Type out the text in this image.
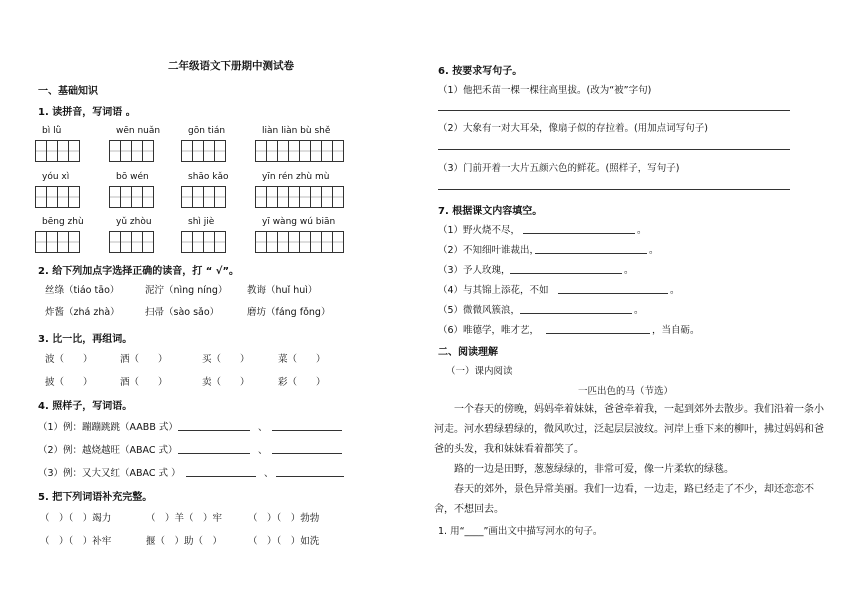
二年级语文下册期中测试卷
一、基础知识
1. 读拼音，写词语 。
bì lǜ	wēn nuǎn	gōn tián	liàn liàn bù shě
yóu xì	bō wén	shāo kǎo	yīn rén zhù mù
bēng zhù	yǔ zhòu	shì jiè	yī wàng wú biān
2. 给下列加点字选择正确的读音，打 “ √”。
丝绦（tiáo tāo）	泥泞（nìng níng） 教诲（huǐ huì）
炸酱（zhá zhà）	扫帚（sào sǎo）	磨坊（fáng fǒng）
3. 比一比，再组词。
波（　　）	洒（　　）	买（　　）	菜（　　）
披（　　）	酒（　　）	卖（　　）	彩（　　）
4. 照样子，写词语。
（1）例：蹦蹦跳跳（AABB 式）
（2）例：越烧越旺（ABAC 式）
（3）例：又大又红（ABAC 式 ）
、
、
、
5. 把下列词语补充完整。
（　）（　）竭力	（　）羊（　）牢	（　）（　）勃勃
（　）（　）补牢	揠（　）助（　）	（　）（　）如洗
6. 按要求写句子。
（1）他把禾苗一棵一棵往高里拔。(改为“被”字句)
（2）大象有一对大耳朵，像扇子似的存拉着。(用加点词写句子)
（3）门前开着一大片五颜六色的鲜花。(照样子，写句子)
7. 根据课文内容填空。
（1）野火烧不尽，	。
（2）不知细叶谁裁出，	。
（3）予人玫瑰，	。
（4）与其锦上添花，不如	。
（5）微微风簇浪，	。
（6）唯德学，唯才艺，	，当自砺。
二、阅读理解
（一）课内阅读
一匹出色的马（节选）
一个春天的傍晚，妈妈牵着妹妹，爸爸牵着我，一起到郊外去散步。我们沿着一条小河走。河水碧绿碧绿的，微风吹过，泛起层层波纹。河岸上垂下来的柳叶，拂过妈妈和爸爸的头发，我和妹妹看着都笑了。
路的一边是田野，葱葱绿绿的，非常可爱，像一片柔软的绿毯。
春天的郊外，景色异常美丽。我们一边看，一边走，路已经走了不少，却还恋恋不舍，不想回去。
1. 用“____”画出文中描写河水的句子。
